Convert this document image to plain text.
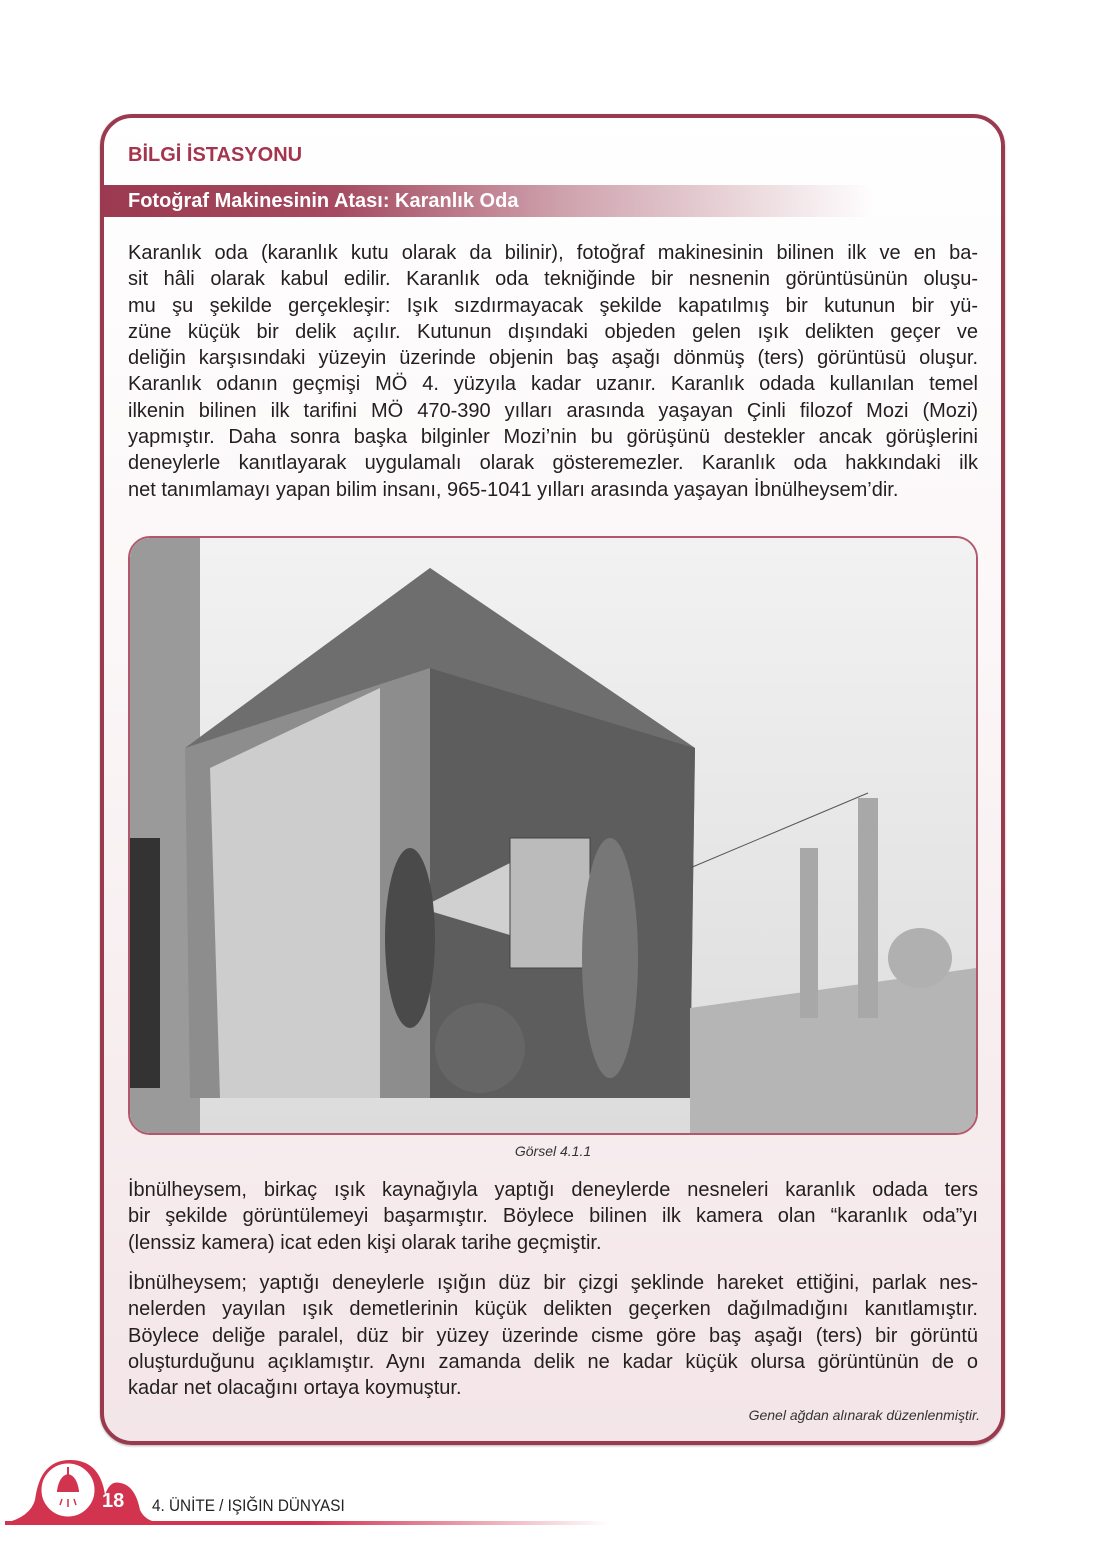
BİLGİ İSTASYONU
Fotoğraf Makinesinin Atası: Karanlık Oda
Karanlık oda (karanlık kutu olarak da bilinir), fotoğraf makinesinin bilinen ilk ve en ba-
sit hâli olarak kabul edilir. Karanlık oda tekniğinde bir nesnenin görüntüsünün oluşu-
mu şu şekilde gerçekleşir: Işık sızdırmayacak şekilde kapatılmış bir kutunun bir yü-
züne küçük bir delik açılır. Kutunun dışındaki objeden gelen ışık delikten geçer ve
deliğin karşısındaki yüzeyin üzerinde objenin baş aşağı dönmüş (ters) görüntüsü oluşur.
Karanlık odanın geçmişi MÖ 4. yüzyıla kadar uzanır. Karanlık odada kullanılan temel
ilkenin bilinen ilk tarifini MÖ 470-390 yılları arasında yaşayan Çinli filozof Mozi (Mozi)
yapmıştır. Daha sonra başka bilginler Mozi’nin bu görüşünü destekler ancak görüşlerini
deneylerle kanıtlayarak uygulamalı olarak gösteremezler. Karanlık oda hakkındaki ilk
net tanımlamayı yapan bilim insanı, 965-1041 yılları arasında yaşayan İbnülheysem’dir.
Görsel 4.1.1
İbnülheysem, birkaç ışık kaynağıyla yaptığı deneylerde nesneleri karanlık odada ters
bir şekilde görüntülemeyi başarmıştır. Böylece bilinen ilk kamera olan “karanlık oda”yı
(lenssiz kamera) icat eden kişi olarak tarihe geçmiştir.
İbnülheysem; yaptığı deneylerle ışığın düz bir çizgi şeklinde hareket ettiğini, parlak nes-
nelerden yayılan ışık demetlerinin küçük delikten geçerken dağılmadığını kanıtlamıştır.
Böylece deliğe paralel, düz bir yüzey üzerinde cisme göre baş aşağı (ters) bir görüntü
oluşturduğunu açıklamıştır. Aynı zamanda delik ne kadar küçük olursa görüntünün de o
kadar net olacağını ortaya koymuştur.
Genel ağdan alınarak düzenlenmiştir.
18 4. ÜNİTE / IŞIĞIN DÜNYASI
